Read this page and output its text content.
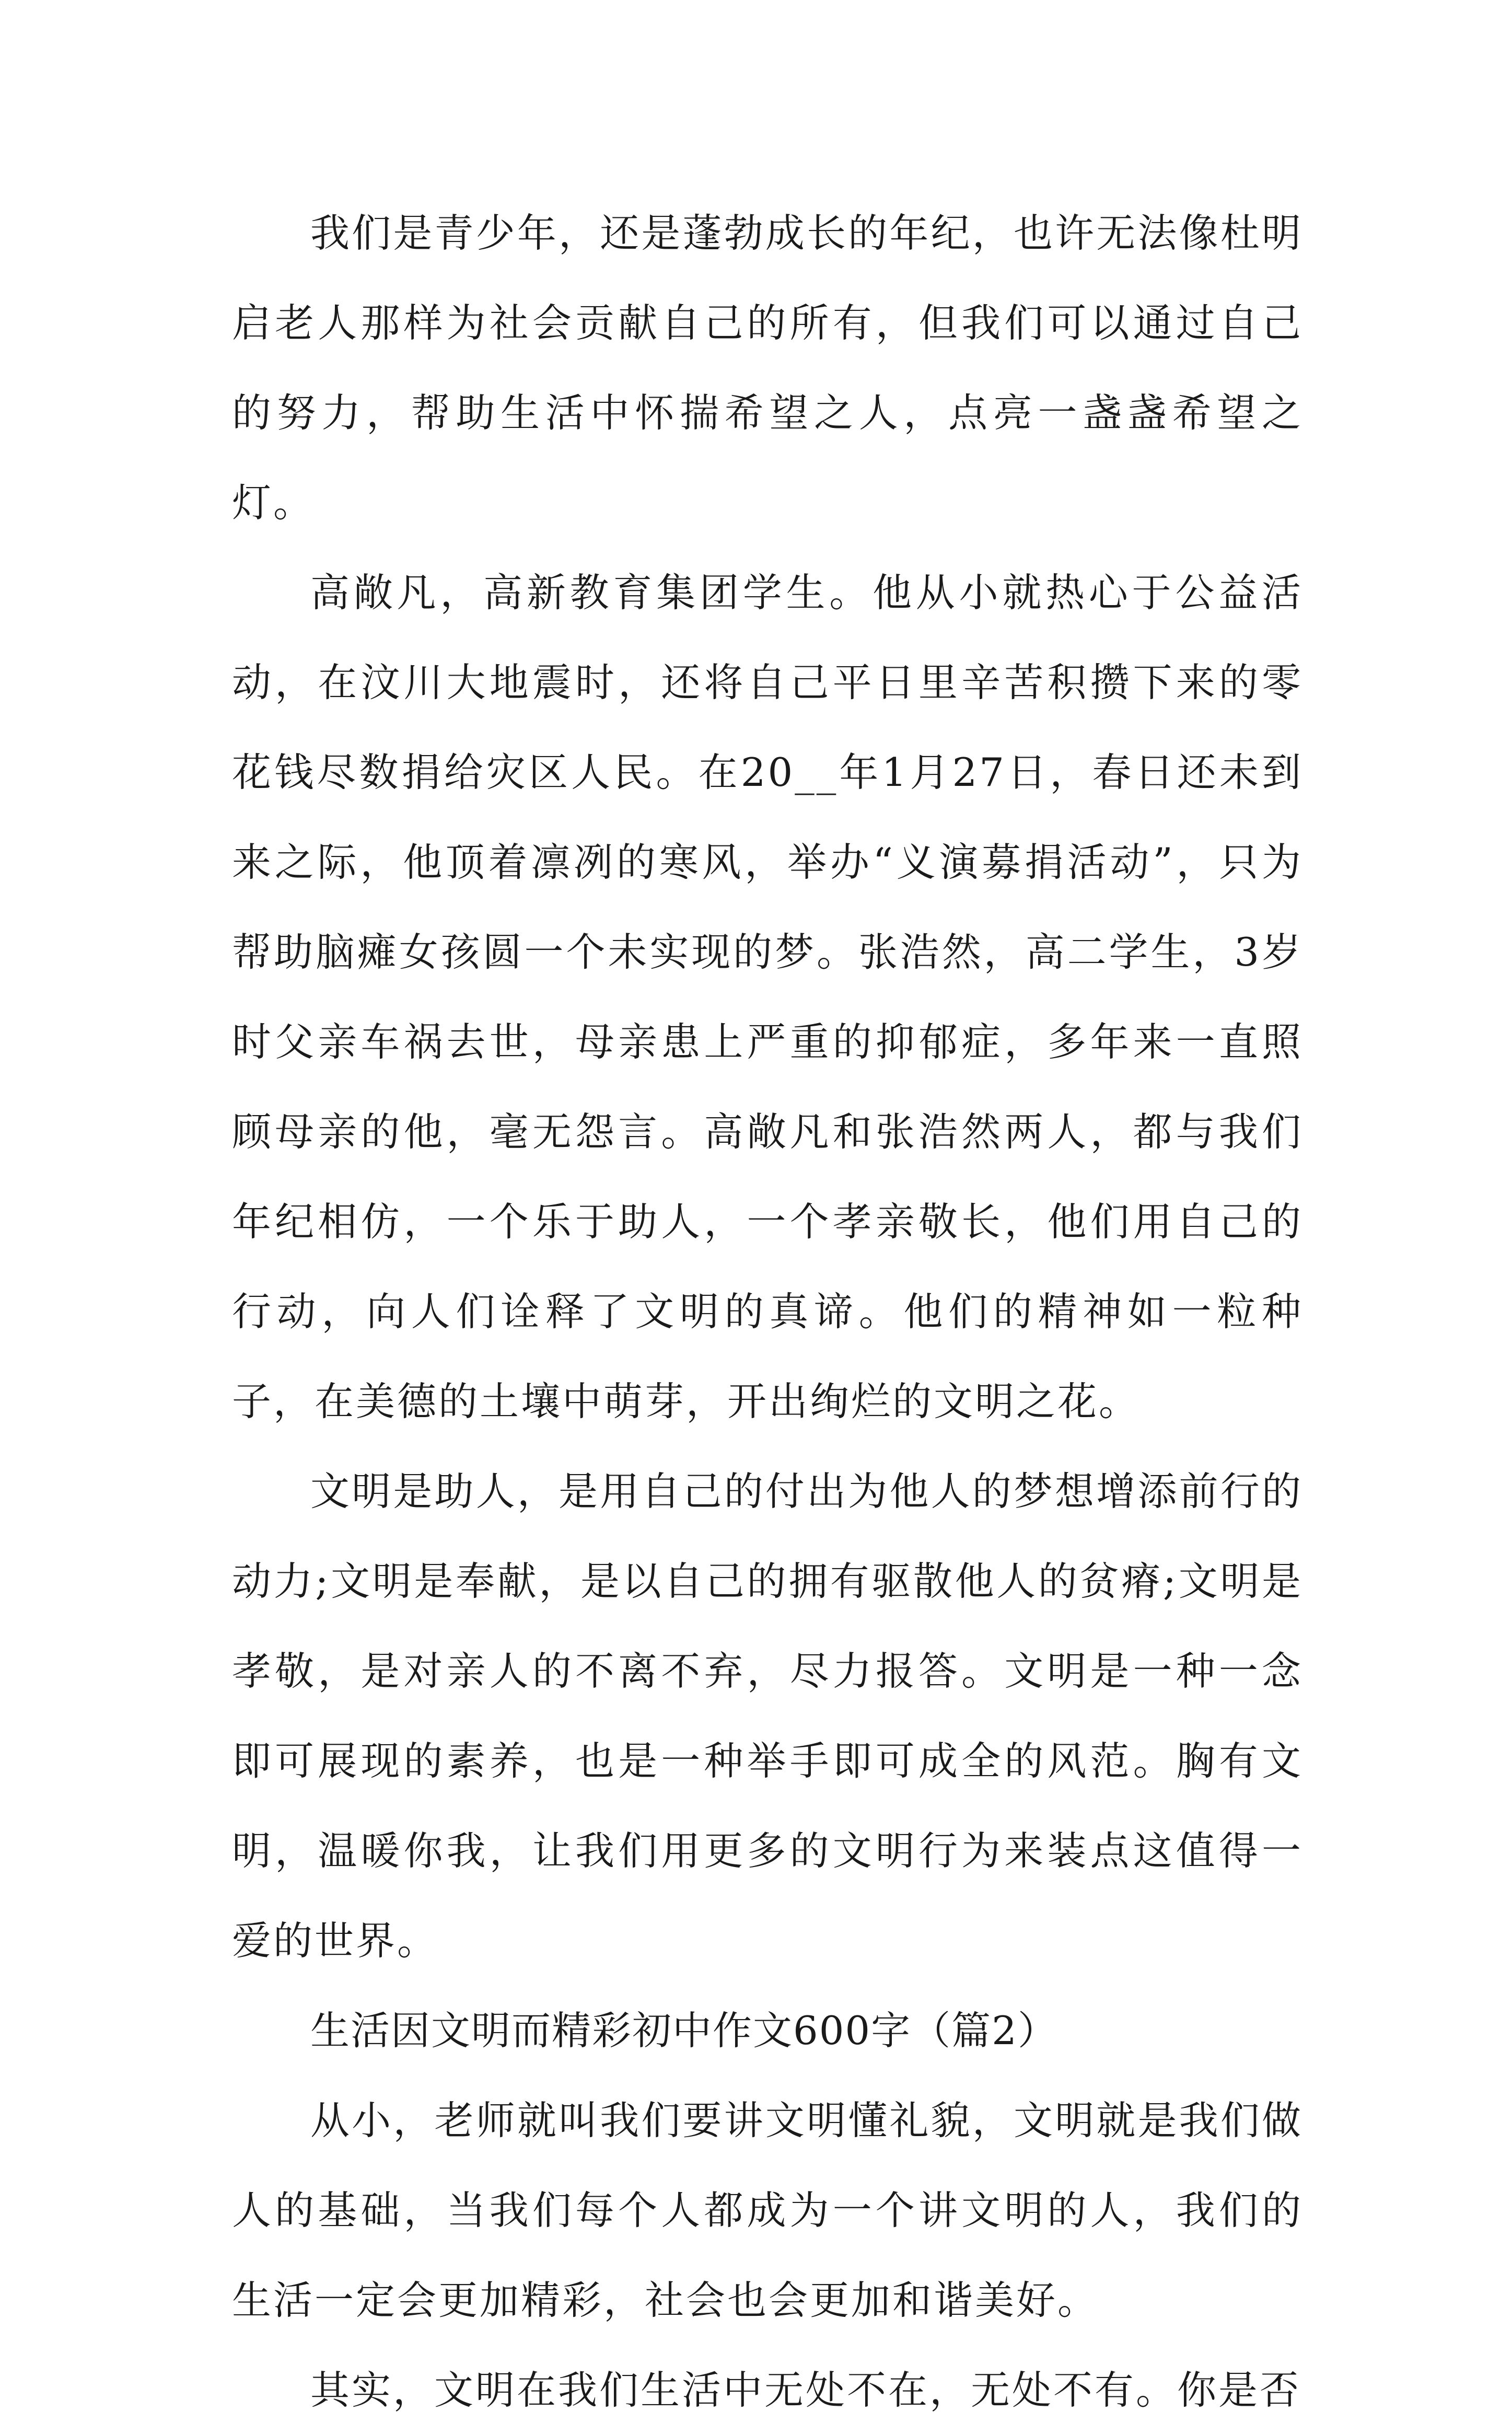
我们是青少年，还是蓬勃成长的年纪，也许无法像杜明启老人那样为社会贡献自己的所有，但我们可以通过自己的努力，帮助生活中怀揣希望之人，点亮一盏盏希望之灯。

高敞凡，高新教育集团学生。他从小就热心于公益活动，在汶川大地震时，还将自己平日里辛苦积攒下来的零花钱尽数捐给灾区人民。在20__年1月27日，春日还未到来之际，他顶着凛冽的寒风，举办“义演募捐活动”，只为帮助脑瘫女孩圆一个未实现的梦。张浩然，高二学生，3岁时父亲车祸去世，母亲患上严重的抑郁症，多年来一直照顾母亲的他，毫无怨言。高敞凡和张浩然两人，都与我们年纪相仿，一个乐于助人，一个孝亲敬长，他们用自己的行动，向人们诠释了文明的真谛。他们的精神如一粒种子，在美德的土壤中萌芽，开出绚烂的文明之花。

文明是助人，是用自己的付出为他人的梦想增添前行的动力;文明是奉献，是以自己的拥有驱散他人的贫瘠;文明是孝敬，是对亲人的不离不弃，尽力报答。文明是一种一念即可展现的素养，也是一种举手即可成全的风范。胸有文明，温暖你我，让我们用更多的文明行为来装点这值得一爱的世界。

生活因文明而精彩初中作文600字（篇2）

从小，老师就叫我们要讲文明懂礼貌，文明就是我们做人的基础，当我们每个人都成为一个讲文明的人，我们的生活一定会更加精彩，社会也会更加和谐美好。

其实，文明在我们生活中无处不在，无处不有。你是否
